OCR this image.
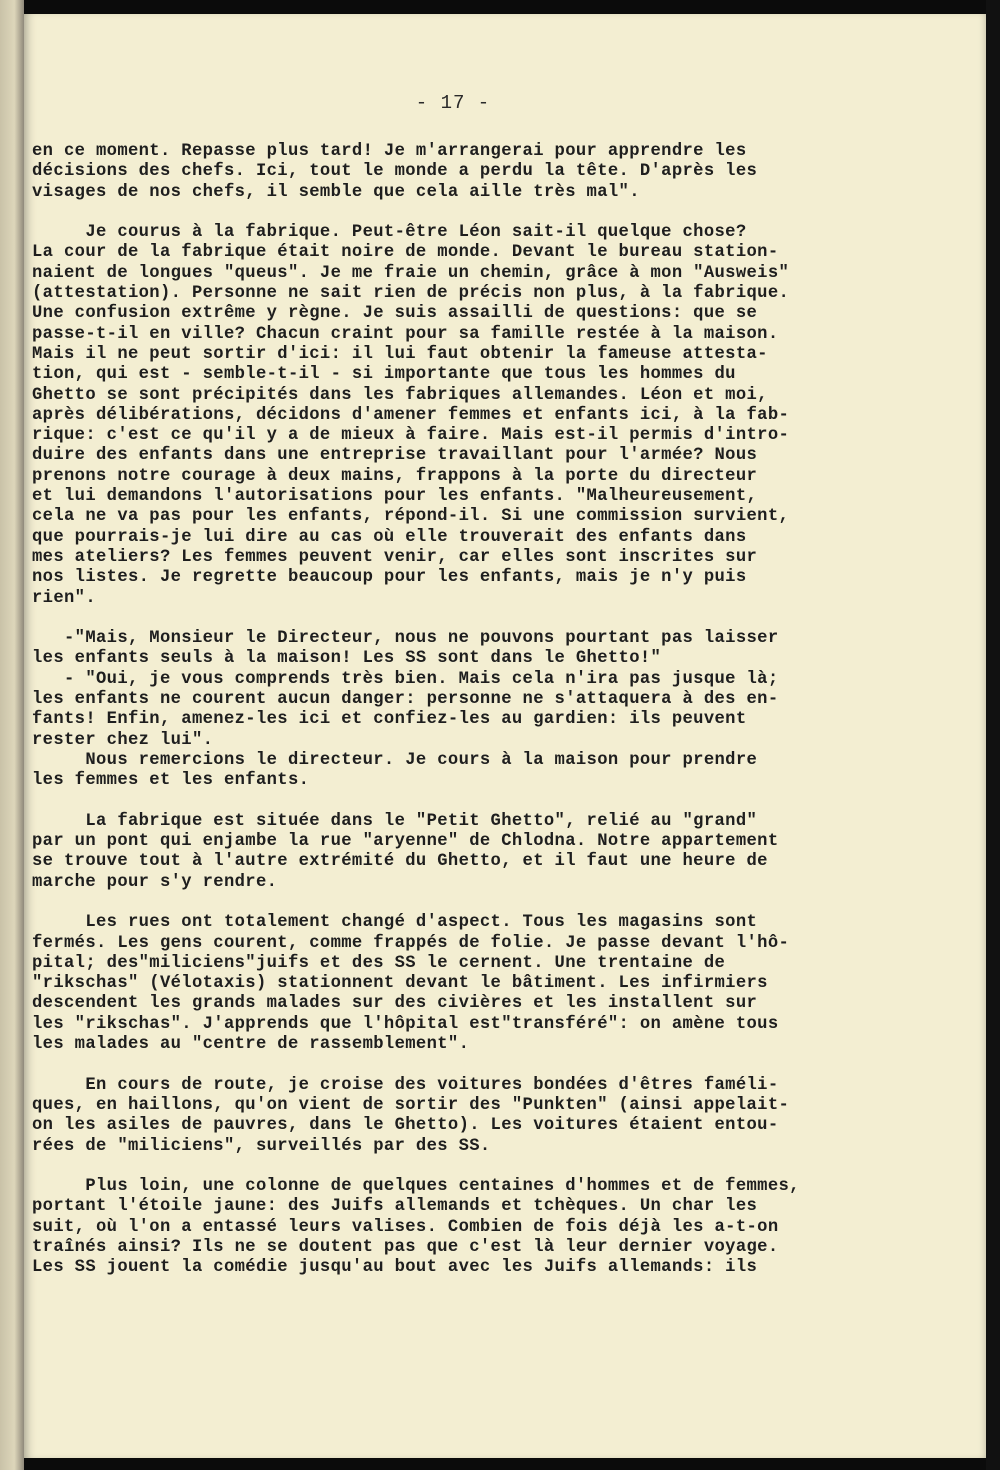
- 17 -
en ce moment. Repasse plus tard! Je m'arrangerai pour apprendre les
décisions des chefs. Ici, tout le monde a perdu la tête. D'après les
visages de nos chefs, il semble que cela aille très mal".
Je courus à la fabrique. Peut-être Léon sait-il quelque chose?
La cour de la fabrique était noire de monde. Devant le bureau station-
naient de longues "queus". Je me fraie un chemin, grâce à mon "Ausweis"
(attestation). Personne ne sait rien de précis non plus, à la fabrique.
Une confusion extrême y règne. Je suis assailli de questions: que se
passe-t-il en ville? Chacun craint pour sa famille restée à la maison.
Mais il ne peut sortir d'ici: il lui faut obtenir la fameuse attesta-
tion, qui est - semble-t-il - si importante que tous les hommes du
Ghetto se sont précipités dans les fabriques allemandes. Léon et moi,
après délibérations, décidons d'amener femmes et enfants ici, à la fab-
rique: c'est ce qu'il y a de mieux à faire. Mais est-il permis d'intro-
duire des enfants dans une entreprise travaillant pour l'armée? Nous
prenons notre courage à deux mains, frappons à la porte du directeur
et lui demandons l'autorisations pour les enfants. "Malheureusement,
cela ne va pas pour les enfants, répond-il. Si une commission survient,
que pourrais-je lui dire au cas où elle trouverait des enfants dans
mes ateliers? Les femmes peuvent venir, car elles sont inscrites sur
nos listes. Je regrette beaucoup pour les enfants, mais je n'y puis
rien".
-"Mais, Monsieur le Directeur, nous ne pouvons pourtant pas laisser
les enfants seuls à la maison! Les SS sont dans le Ghetto!"
- "Oui, je vous comprends très bien. Mais cela n'ira pas jusque là;
les enfants ne courent aucun danger: personne ne s'attaquera à des en-
fants! Enfin, amenez-les ici et confiez-les au gardien: ils peuvent
rester chez lui".
Nous remercions le directeur. Je cours à la maison pour prendre
les femmes et les enfants.
La fabrique est située dans le "Petit Ghetto", relié au "grand"
par un pont qui enjambe la rue "aryenne" de Chlodna. Notre appartement
se trouve tout à l'autre extrémité du Ghetto, et il faut une heure de
marche pour s'y rendre.
Les rues ont totalement changé d'aspect. Tous les magasins sont
fermés. Les gens courent, comme frappés de folie. Je passe devant l'hô-
pital; des"miliciens"juifs et des SS le cernent. Une trentaine de
"rikschas" (Vélotaxis) stationnent devant le bâtiment. Les infirmiers
descendent les grands malades sur des civières et les installent sur
les "rikschas". J'apprends que l'hôpital est"transféré": on amène tous
les malades au "centre de rassemblement".
En cours de route, je croise des voitures bondées d'êtres faméli-
ques, en haillons, qu'on vient de sortir des "Punkten" (ainsi appelait-
on les asiles de pauvres, dans le Ghetto). Les voitures étaient entou-
rées de "miliciens", surveillés par des SS.
Plus loin, une colonne de quelques centaines d'hommes et de femmes,
portant l'étoile jaune: des Juifs allemands et tchèques. Un char les
suit, où l'on a entassé leurs valises. Combien de fois déjà les a-t-on
traînés ainsi? Ils ne se doutent pas que c'est là leur dernier voyage.
Les SS jouent la comédie jusqu'au bout avec les Juifs allemands: ils
